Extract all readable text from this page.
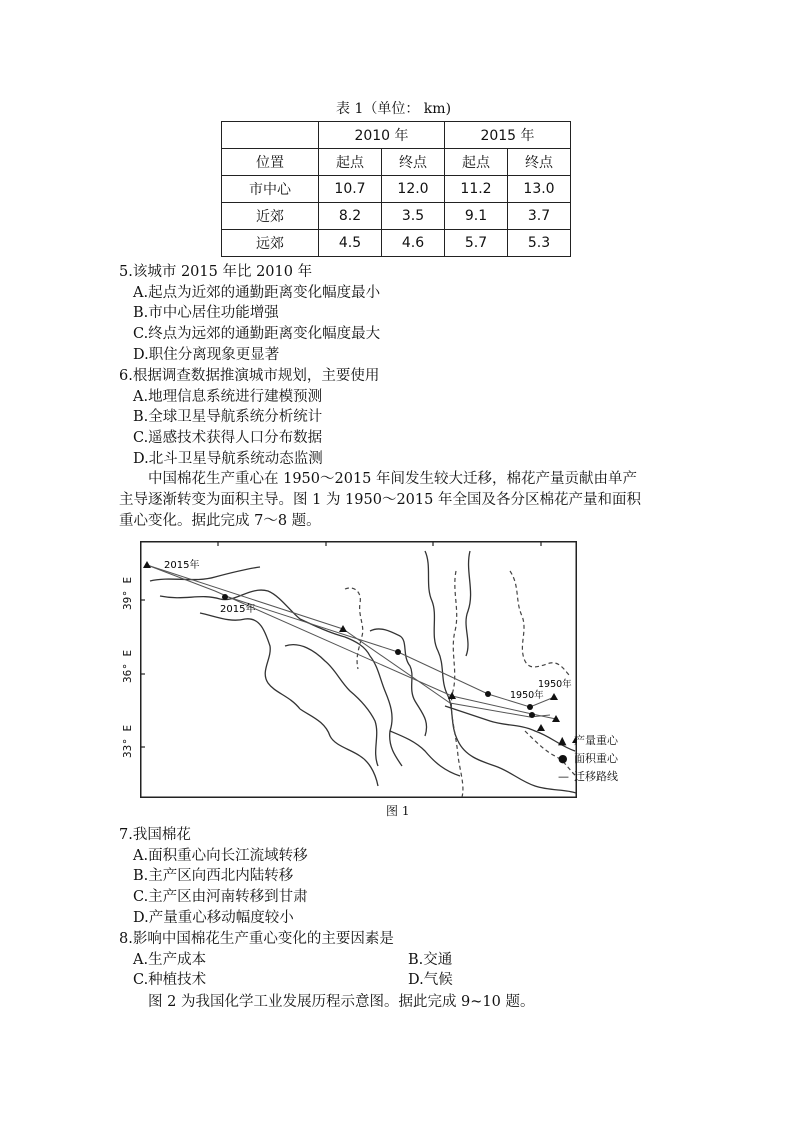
表 1（单位： km)
	2010 年		2015 年	
位置	起点	终点	起点	终点
市中心	10.7	12.0	11.2	13.0
近郊	8.2	3.5	9.1	3.7
远郊	4.5	4.6	5.7	5.3
5.该城市 2015 年比 2010 年
A.起点为近郊的通勤距离变化幅度最小
B.市中心居住功能增强
C.终点为远郊的通勤距离变化幅度最大
D.职住分离现象更显著
6.根据调查数据推演城市规划，主要使用
A.地理信息系统进行建模预测
B.全球卫星导航系统分析统计
C.遥感技术获得人口分布数据
D.北斗卫星导航系统动态监测
中国棉花生产重心在 1950～2015 年间发生较大迁移，棉花产量贡献由单产
主导逐渐转变为面积主导。图 1 为 1950～2015 年全国及各分区棉花产量和面积
重心变化。据此完成 7～8 题。
39° E
36° E
33° E
2015年
2015年
1950年
1950年
▲ 产量重心
● 面积重心
— 迁移路线
图 1
7.我国棉花
A.面积重心向长江流域转移
B.主产区向西北内陆转移
C.主产区由河南转移到甘肃
D.产量重心移动幅度较小
8.影响中国棉花生产重心变化的主要因素是
A.生产成本	B.交通
C.种植技术	D.气候
图 2 为我国化学工业发展历程示意图。据此完成 9~10 题。
